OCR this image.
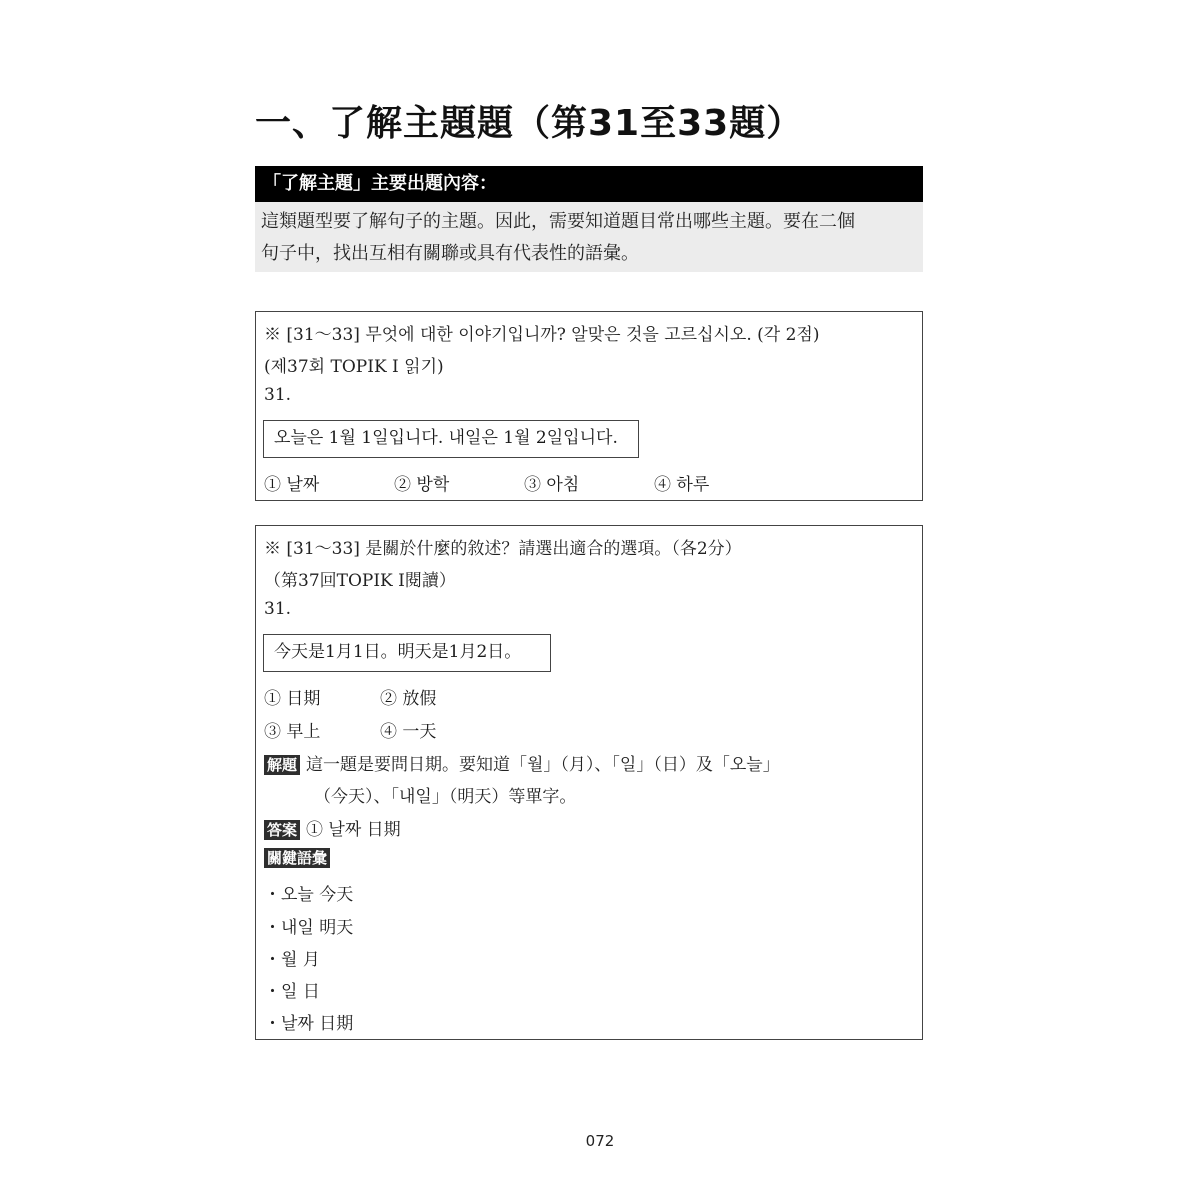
一、了解主題題（第31至33題）
「了解主題」主要出題內容：
這類題型要了解句子的主題。因此，需要知道題目常出哪些主題。要在二個
句子中，找出互相有關聯或具有代表性的語彙。
※ [31～33] 무엇에 대한 이야기입니까? 알맞은 것을 고르십시오. (각 2점)
(제37회 TOPIK I 읽기)
31.
오늘은 1월 1일입니다. 내일은 1월 2일입니다.
① 날짜	② 방학	③ 아침	④ 하루
※ [31～33] 是關於什麼的敘述？請選出適合的選項。（各2分）
（第37回TOPIK I閱讀）
31.
今天是1月1日。明天是1月2日。
① 日期	② 放假
③ 早上	④ 一天
解題 這一題是要問日期。要知道「월」（月）、「일」（日）及「오늘」
（今天）、「내일」（明天）等單字。
答案 ① 날짜 日期
關鍵語彙
・오늘 今天
・내일 明天
・월 月
・일 日
・날짜 日期
072
